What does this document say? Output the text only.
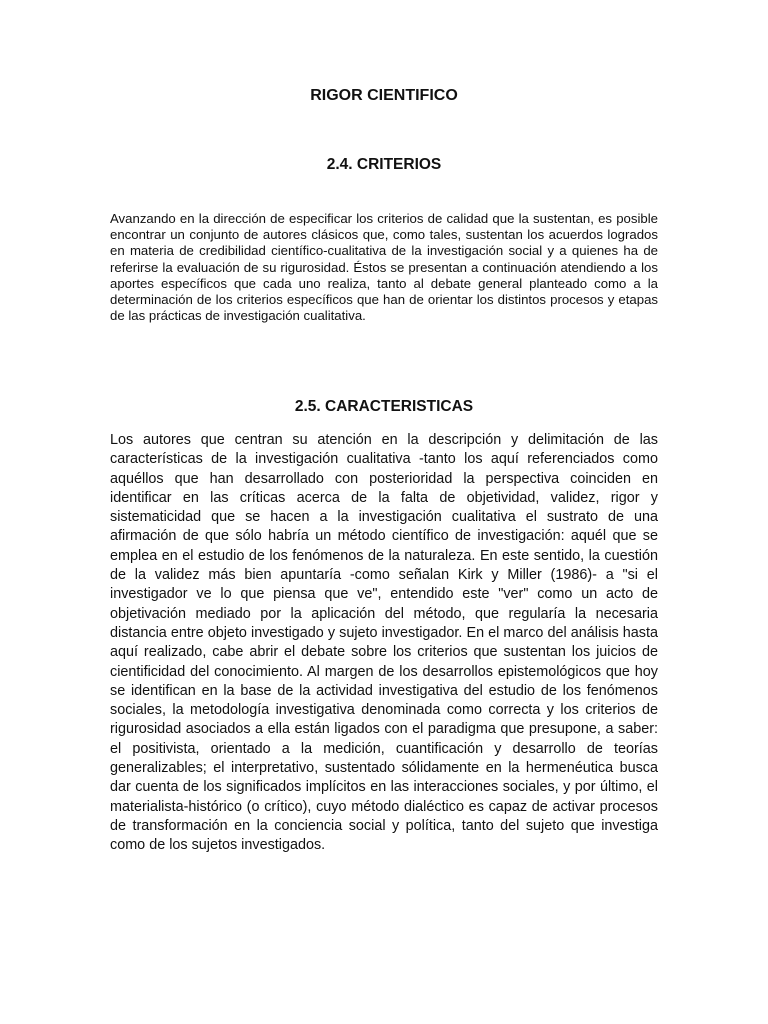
RIGOR CIENTIFICO
2.4. CRITERIOS

Avanzando en la dirección de especificar los criterios de calidad que la sustentan, es posible encontrar un conjunto de autores clásicos que, como tales, sustentan los acuerdos logrados en materia de credibilidad científico-cualitativa de la investigación social y a quienes ha de referirse la evaluación de su rigurosidad. Éstos se presentan a continuación atendiendo a los aportes específicos que cada uno realiza, tanto al debate general planteado como a la determinación de los criterios específicos que han de orientar los distintos procesos y etapas de las prácticas de investigación cualitativa.

2.5. CARACTERISTICAS

Los autores que centran su atención en la descripción y delimitación de las características de la investigación cualitativa -tanto los aquí referenciados como aquéllos que han desarrollado con posterioridad la perspectiva coinciden en identificar en las críticas acerca de la falta de objetividad, validez, rigor y sistematicidad que se hacen a la investigación cualitativa el sustrato de una afirmación de que sólo habría un método científico de investigación: aquél que se emplea en el estudio de los fenómenos de la naturaleza. En este sentido, la cuestión de la validez más bien apuntaría -como señalan Kirk y Miller (1986)- a "si el investigador ve lo que piensa que ve", entendido este "ver" como un acto de objetivación mediado por la aplicación del método, que regularía la necesaria distancia entre objeto investigado y sujeto investigador. En el marco del análisis hasta aquí realizado, cabe abrir el debate sobre los criterios que sustentan los juicios de cientificidad del conocimiento. Al margen de los desarrollos epistemológicos que hoy se identifican en la base de la actividad investigativa del estudio de los fenómenos sociales, la metodología investigativa denominada como correcta y los criterios de rigurosidad asociados a ella están ligados con el paradigma que presupone, a saber: el positivista, orientado a la medición, cuantificación y desarrollo de teorías generalizables; el interpretativo, sustentado sólidamente en la hermenéutica busca dar cuenta de los significados implícitos en las interacciones sociales, y por último, el materialista-histórico (o crítico), cuyo método dialéctico es capaz de activar procesos de transformación en la conciencia social y política, tanto del sujeto que investiga como de los sujetos investigados.
